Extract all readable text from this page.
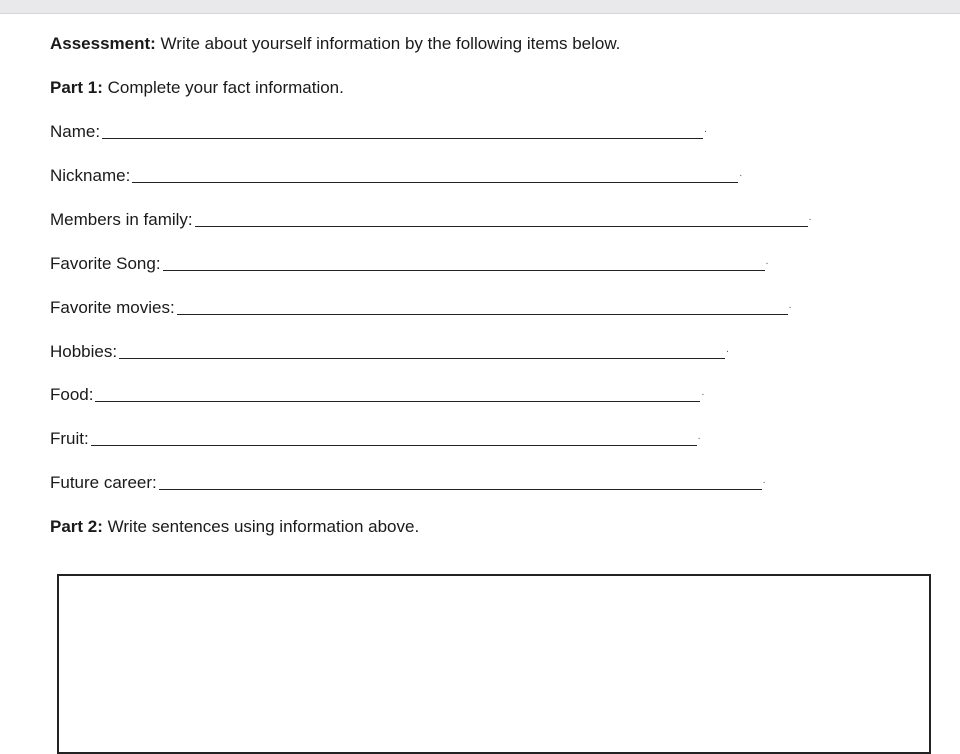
Assessment: Write about yourself information by the following items below.
Part 1: Complete your fact information.
Name:	.
Nickname:	.
Members in family:	.
Favorite Song:	.
Favorite movies:	.
Hobbies:	.
Food:	.
Fruit:	.
Future career:	.
Part 2: Write sentences using information above.
